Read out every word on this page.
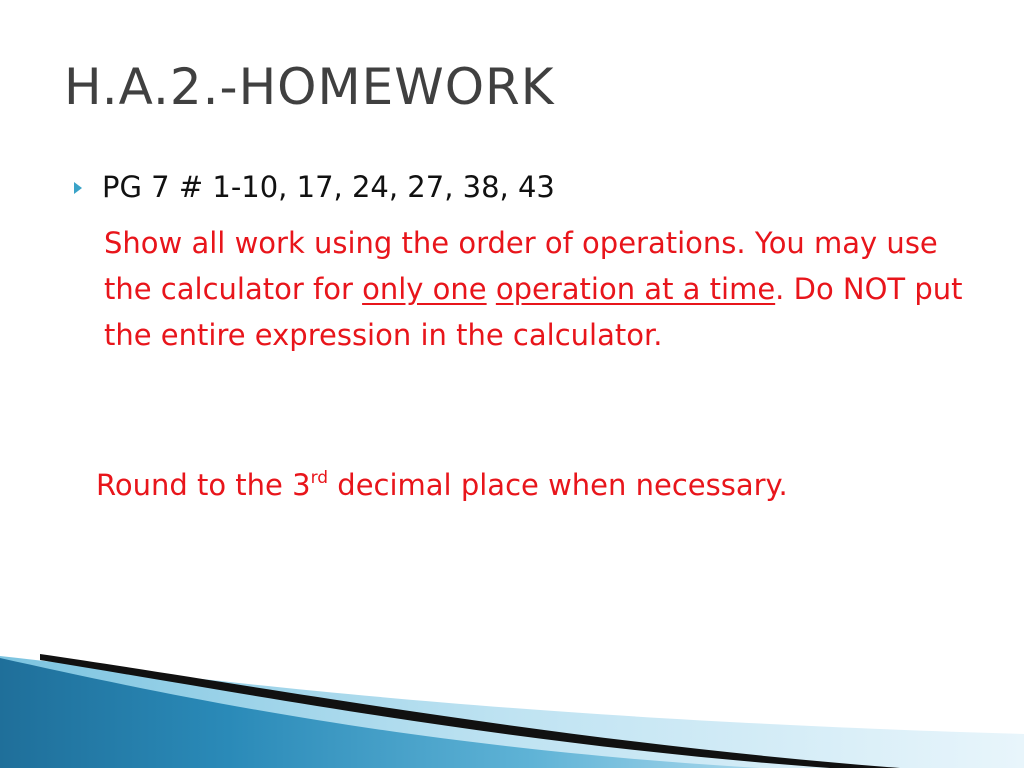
H.A.2.-HOMEWORK
PG 7 # 1-10, 17, 24, 27, 38, 43
Show all work using the order of operations. You may use the calculator for only one operation at a time. Do NOT put the entire expression in the calculator.
Round to the 3rd decimal place when necessary.
